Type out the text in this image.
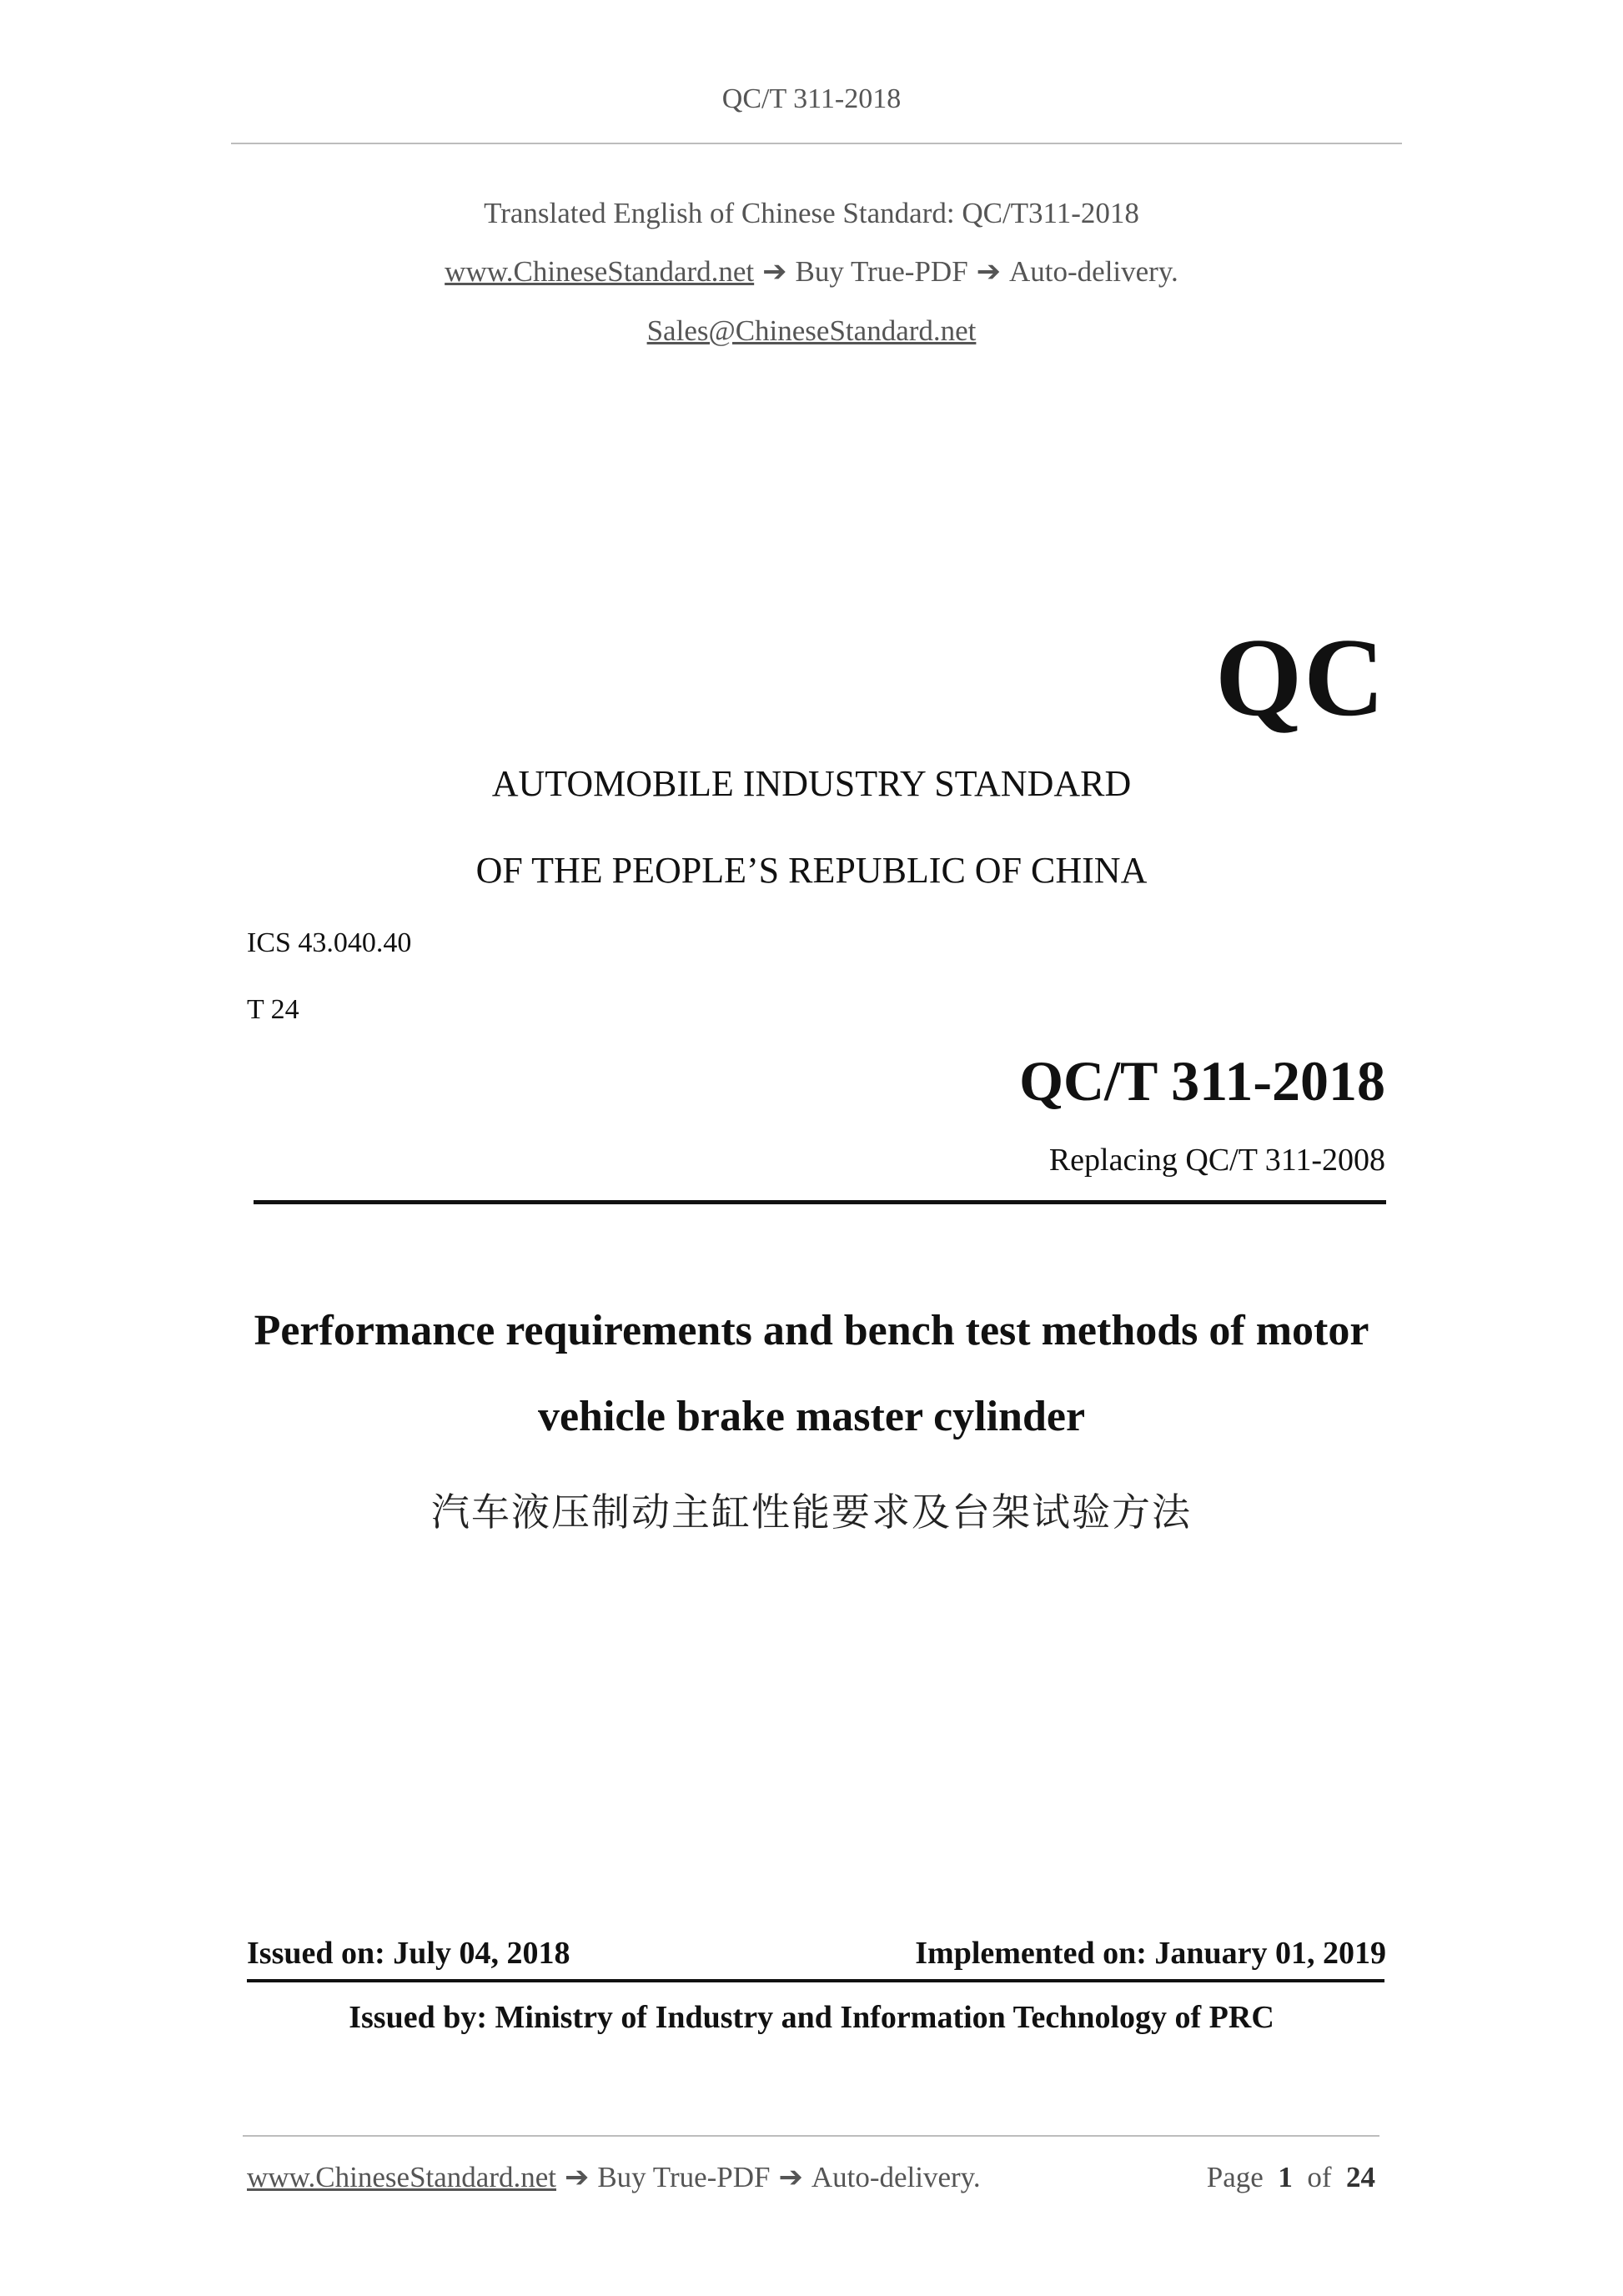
QC/T 311-2018
Translated English of Chinese Standard: QC/T311-2018
www.ChineseStandard.net ➔ Buy True-PDF ➔ Auto-delivery.
Sales@ChineseStandard.net
QC
AUTOMOBILE INDUSTRY STANDARD
OF THE PEOPLE’S REPUBLIC OF CHINA
ICS 43.040.40
T 24
QC/T 311-2018
Replacing QC/T 311-2008
Performance requirements and bench test methods of motor
vehicle brake master cylinder
汽车液压制动主缸性能要求及台架试验方法
Issued on: July 04, 2018	Implemented on: January 01, 2019
Issued by: Ministry of Industry and Information Technology of PRC
www.ChineseStandard.net ➔ Buy True-PDF ➔ Auto-delivery.	Page 1 of 24
